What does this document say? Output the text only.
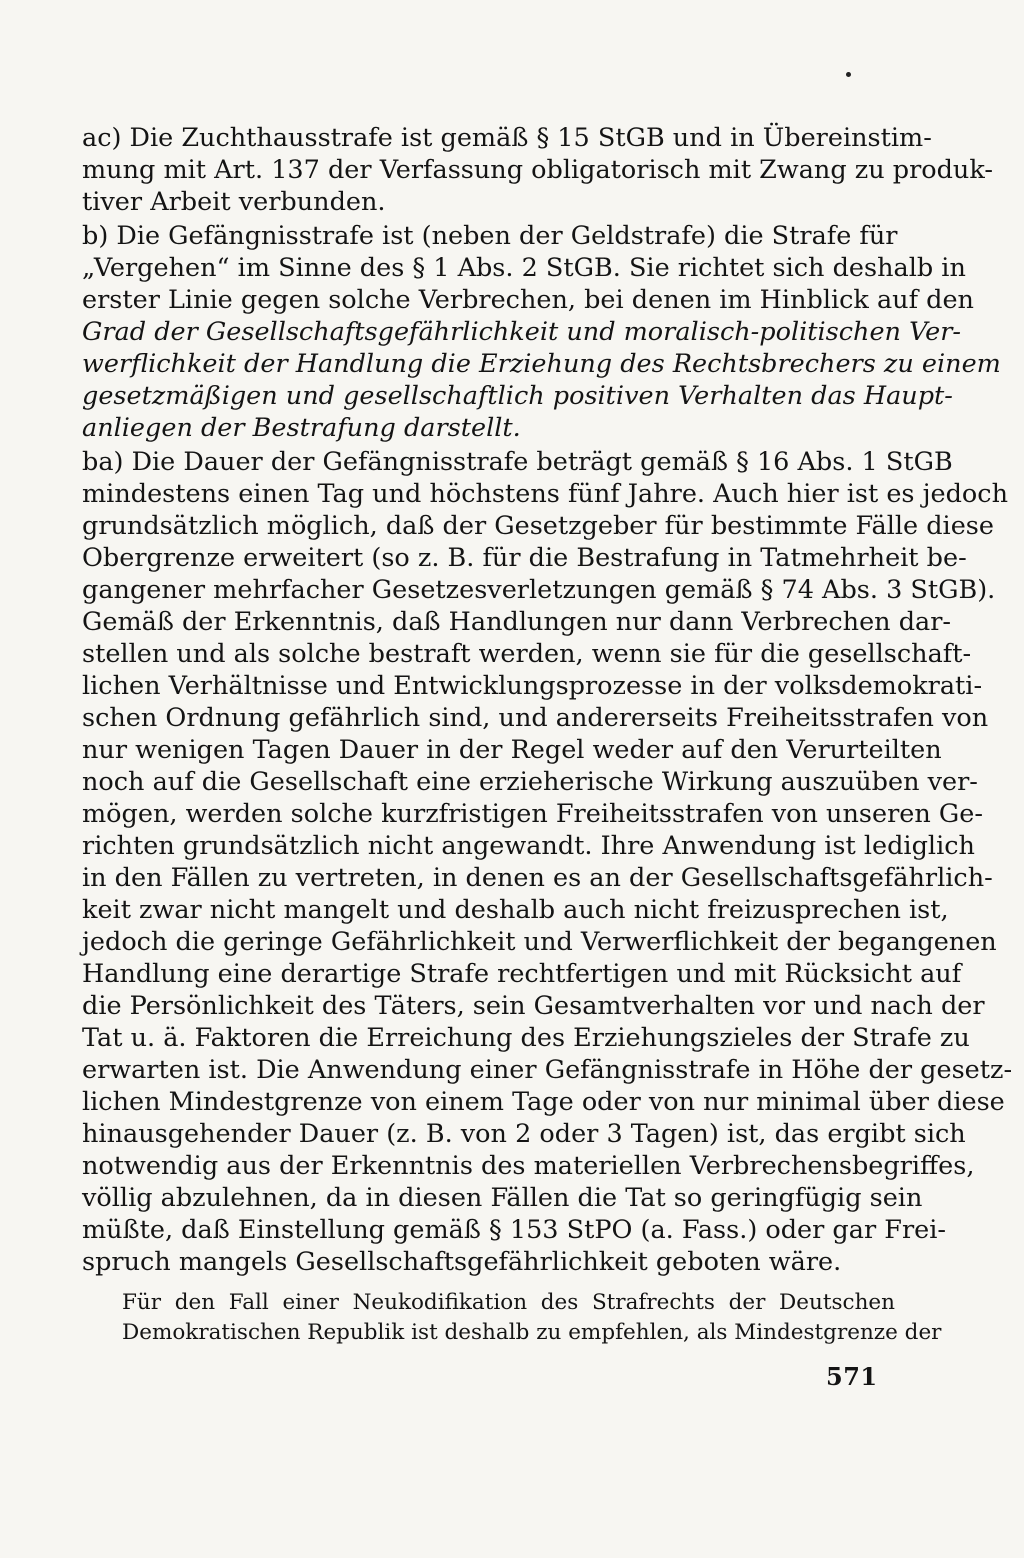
ac) Die Zuchthausstrafe ist gemäß § 15 StGB und in Übereinstim-
mung mit Art. 137 der Verfassung obligatorisch mit Zwang zu produk-
tiver Arbeit verbunden.
b) Die Gefängnisstrafe ist (neben der Geldstrafe) die Strafe für
„Vergehen“ im Sinne des § 1 Abs. 2 StGB. Sie richtet sich deshalb in
erster Linie gegen solche Verbrechen, bei denen im Hinblick auf den
Grad der Gesellschaftsgefährlichkeit und moralisch-politischen Ver-
werflichkeit der Handlung die Erziehung des Rechtsbrechers zu einem
gesetzmäßigen und gesellschaftlich positiven Verhalten das Haupt-
anliegen der Bestrafung darstellt.
ba) Die Dauer der Gefängnisstrafe beträgt gemäß § 16 Abs. 1 StGB
mindestens einen Tag und höchstens fünf Jahre. Auch hier ist es jedoch
grundsätzlich möglich, daß der Gesetzgeber für bestimmte Fälle diese
Obergrenze erweitert (so z. B. für die Bestrafung in Tatmehrheit be-
gangener mehrfacher Gesetzesverletzungen gemäß § 74 Abs. 3 StGB).
Gemäß der Erkenntnis, daß Handlungen nur dann Verbrechen dar-
stellen und als solche bestraft werden, wenn sie für die gesellschaft-
lichen Verhältnisse und Entwicklungsprozesse in der volksdemokrati-
schen Ordnung gefährlich sind, und andererseits Freiheitsstrafen von
nur wenigen Tagen Dauer in der Regel weder auf den Verurteilten
noch auf die Gesellschaft eine erzieherische Wirkung auszuüben ver-
mögen, werden solche kurzfristigen Freiheitsstrafen von unseren Ge-
richten grundsätzlich nicht angewandt. Ihre Anwendung ist lediglich
in den Fällen zu vertreten, in denen es an der Gesellschaftsgefährlich-
keit zwar nicht mangelt und deshalb auch nicht freizusprechen ist,
jedoch die geringe Gefährlichkeit und Verwerflichkeit der begangenen
Handlung eine derartige Strafe rechtfertigen und mit Rücksicht auf
die Persönlichkeit des Täters, sein Gesamtverhalten vor und nach der
Tat u. ä. Faktoren die Erreichung des Erziehungszieles der Strafe zu
erwarten ist. Die Anwendung einer Gefängnisstrafe in Höhe der gesetz-
lichen Mindestgrenze von einem Tage oder von nur minimal über diese
hinausgehender Dauer (z. B. von 2 oder 3 Tagen) ist, das ergibt sich
notwendig aus der Erkenntnis des materiellen Verbrechensbegriffes,
völlig abzulehnen, da in diesen Fällen die Tat so geringfügig sein
müßte, daß Einstellung gemäß § 153 StPO (a. Fass.) oder gar Frei-
spruch mangels Gesellschaftsgefährlichkeit geboten wäre.
Für den Fall einer Neukodifikation des Strafrechts der Deutschen
Demokratischen Republik ist deshalb zu empfehlen, als Mindestgrenze der
571
